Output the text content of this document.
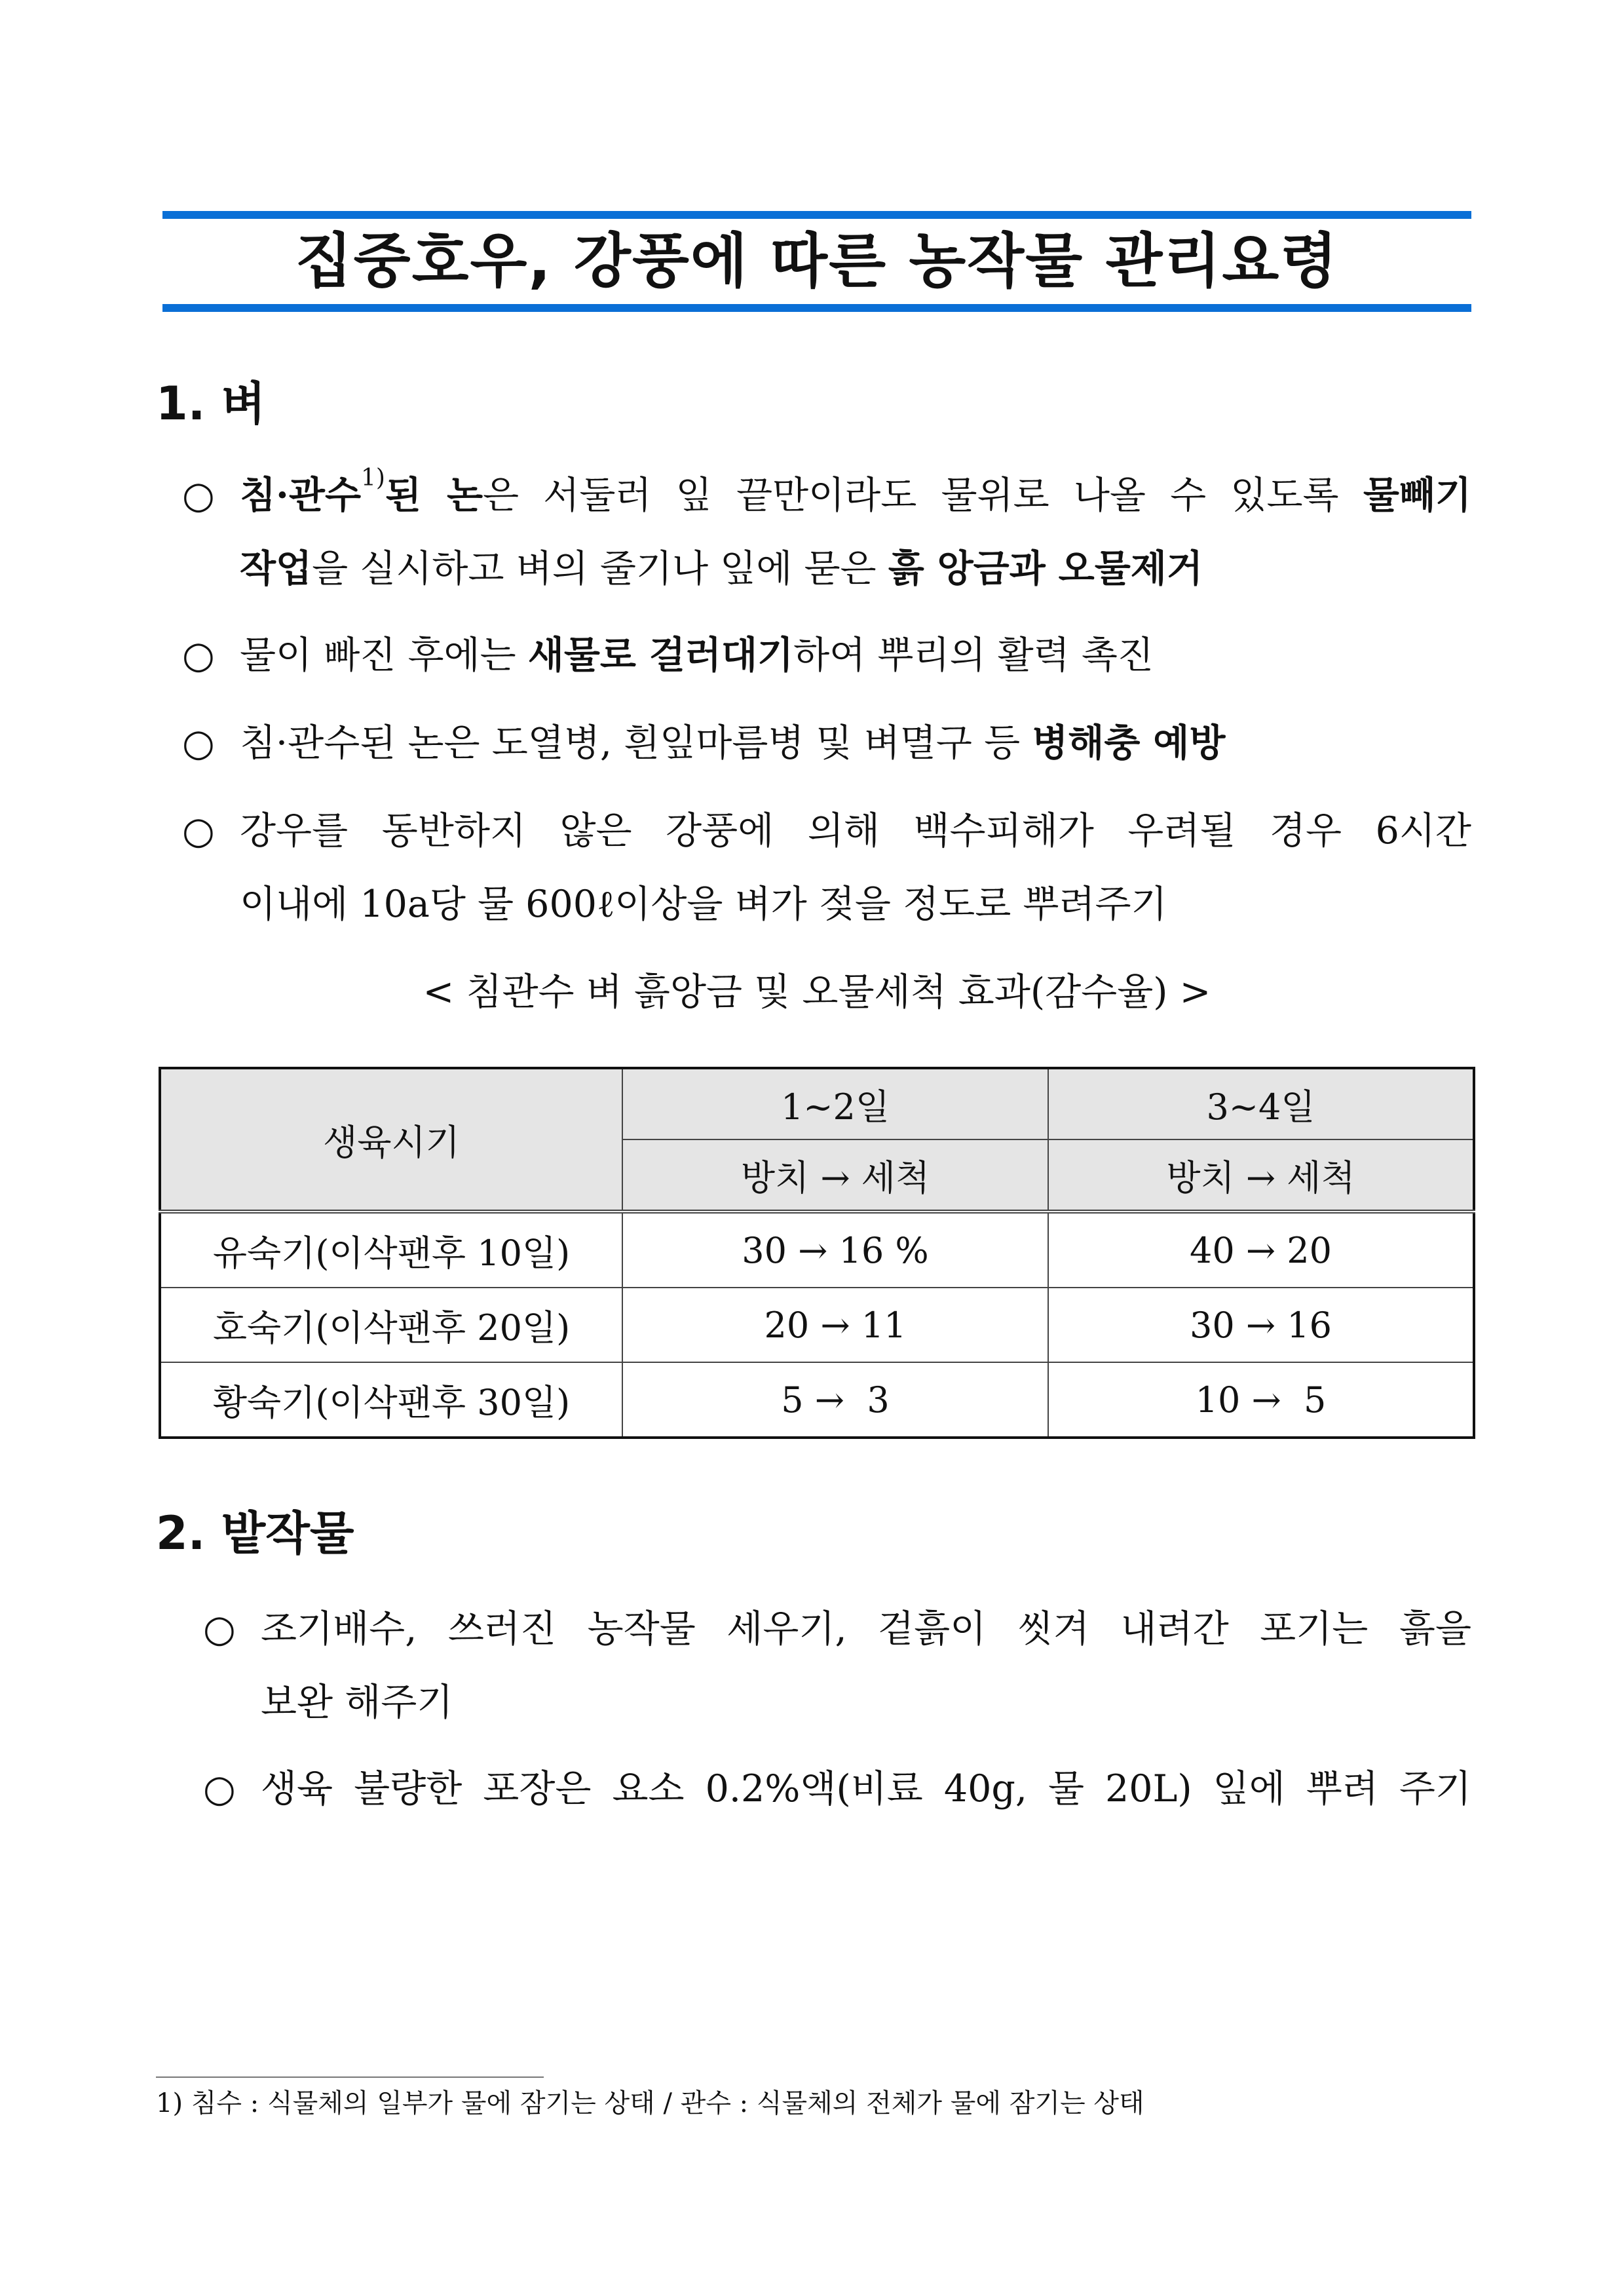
집중호우, 강풍에 따른 농작물 관리요령
1. 벼
○ 침·관수$^{1)}$된 논은 서둘러 잎 끝만이라도 물위로 나올 수 있도록 물빼기
작업을 실시하고 벼의 줄기나 잎에 묻은 흙 앙금과 오물제거
○ 물이 빠진 후에는 새물로 걸러대기하여 뿌리의 활력 촉진
○ 침·관수된 논은 도열병, 흰잎마름병 및 벼멸구 등 병해충 예방
○ 강우를 동반하지 않은 강풍에 의해 백수피해가 우려될 경우 6시간
이내에 10a당 물 600ℓ이상을 벼가 젖을 정도로 뿌려주기

< 침관수 벼 흙앙금 및 오물세척 효과(감수율) >

생육시기	1~2일	3~4일
	방치 → 세척	방치 → 세척
유숙기(이삭팬후 10일)	30 → 16 %	40 → 20
호숙기(이삭팬후 20일)	20 → 11	30 → 16
황숙기(이삭팬후 30일)	5 →  3	10 →  5
2. 밭작물
○ 조기배수, 쓰러진 농작물 세우기, 겉흙이 씻겨 내려간 포기는 흙을
보완 해주기
○ 생육 불량한 포장은 요소 0.2%액(비료 40g, 물 20L) 잎에 뿌려 주기

1) 침수 : 식물체의 일부가 물에 잠기는 상태 / 관수 : 식물체의 전체가 물에 잠기는 상태
